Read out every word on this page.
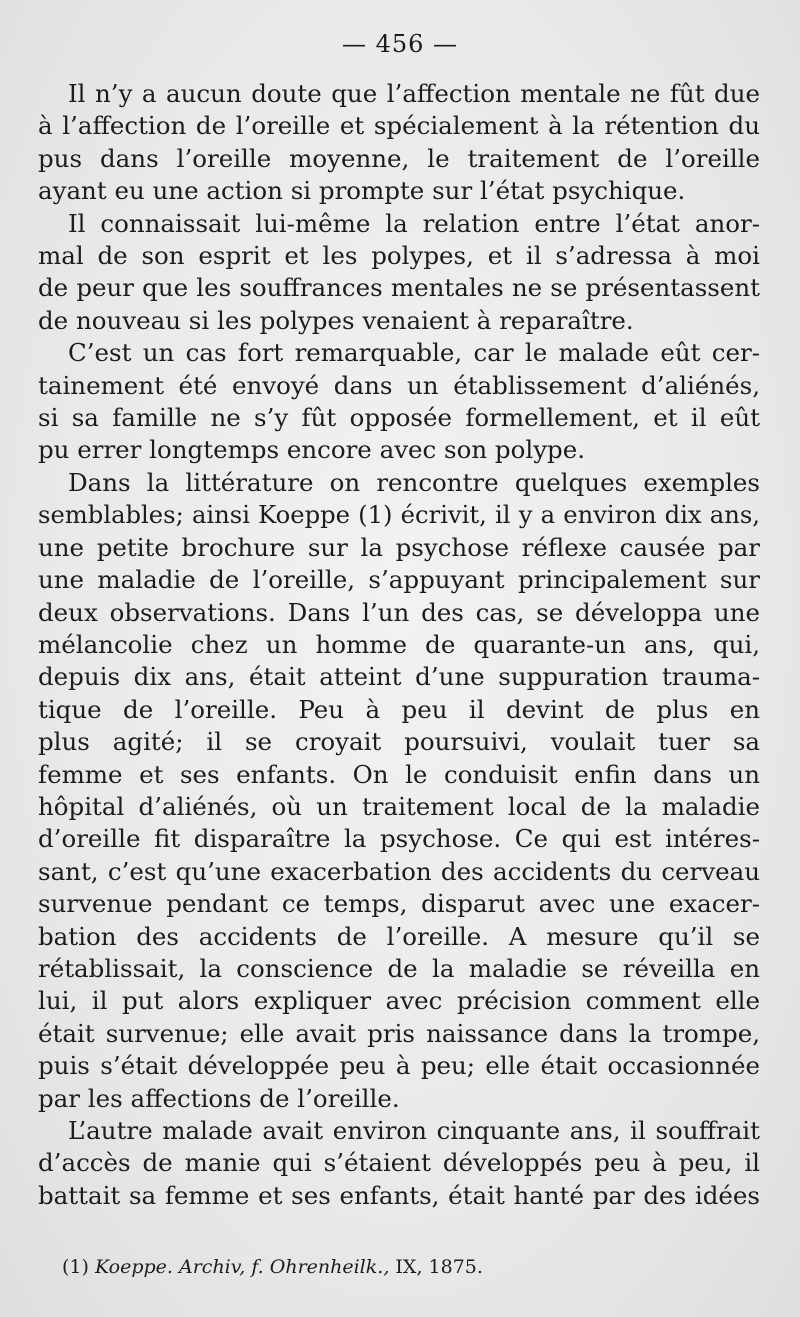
— 456 —
Il n’y a aucun doute que l’affection mentale ne fût due
à l’affection de l’oreille et spécialement à la rétention du
pus dans l’oreille moyenne, le traitement de l’oreille
ayant eu une action si prompte sur l’état psychique.
Il connaissait lui-même la relation entre l’état anor-
mal de son esprit et les polypes, et il s’adressa à moi
de peur que les souffrances mentales ne se présentassent
de nouveau si les polypes venaient à reparaître.
C’est un cas fort remarquable, car le malade eût cer-
tainement été envoyé dans un établissement d’aliénés,
si sa famille ne s’y fût opposée formellement, et il eût
pu errer longtemps encore avec son polype.
Dans la littérature on rencontre quelques exemples
semblables; ainsi Koeppe (1) écrivit, il y a environ dix ans,
une petite brochure sur la psychose réflexe causée par
une maladie de l’oreille, s’appuyant principalement sur
deux observations. Dans l’un des cas, se développa une
mélancolie chez un homme de quarante-un ans, qui,
depuis dix ans, était atteint d’une suppuration trauma-
tique de l’oreille. Peu à peu il devint de plus en
plus agité; il se croyait poursuivi, voulait tuer sa
femme et ses enfants. On le conduisit enfin dans un
hôpital d’aliénés, où un traitement local de la maladie
d’oreille fit disparaître la psychose. Ce qui est intéres-
sant, c’est qu’une exacerbation des accidents du cerveau
survenue pendant ce temps, disparut avec une exacer-
bation des accidents de l’oreille. A mesure qu’il se
rétablissait, la conscience de la maladie se réveilla en
lui, il put alors expliquer avec précision comment elle
était survenue; elle avait pris naissance dans la trompe,
puis s’était développée peu à peu; elle était occasionnée
par les affections de l’oreille.
L’autre malade avait environ cinquante ans, il souffrait
d’accès de manie qui s’étaient développés peu à peu, il
battait sa femme et ses enfants, était hanté par des idées
(1) Koeppe. Archiv, f. Ohrenheilk., IX, 1875.
